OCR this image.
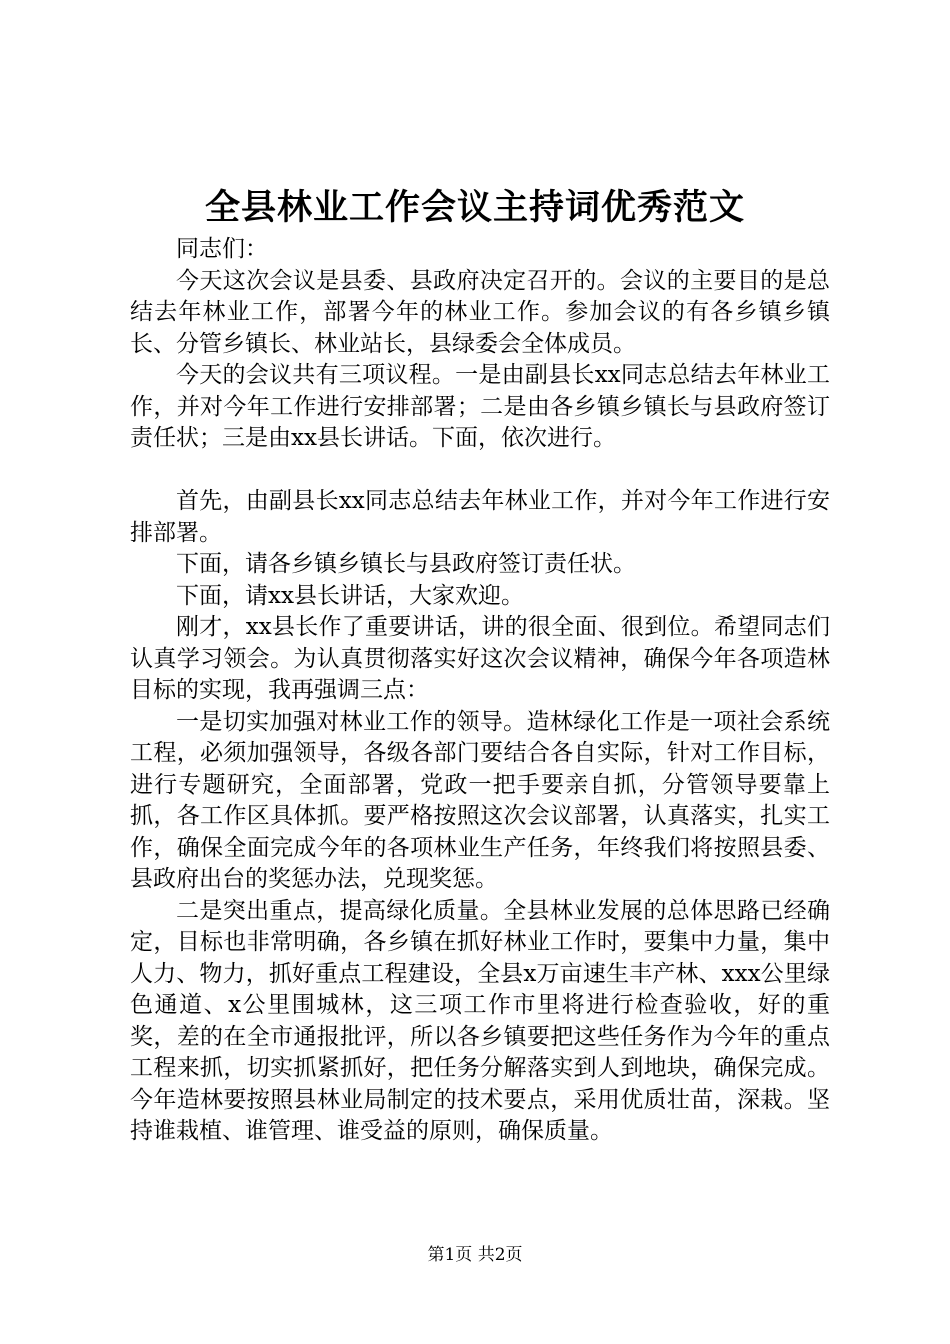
全县林业工作会议主持词优秀范文

同志们：

今天这次会议是县委、县政府决定召开的。会议的主要目的是总结去年林业工作，部署今年的林业工作。参加会议的有各乡镇乡镇长、分管乡镇长、林业站长，县绿委会全体成员。

今天的会议共有三项议程。一是由副县长xx同志总结去年林业工作，并对今年工作进行安排部署；二是由各乡镇乡镇长与县政府签订责任状；三是由xx县长讲话。下面，依次进行。

首先，由副县长xx同志总结去年林业工作，并对今年工作进行安排部署。

下面，请各乡镇乡镇长与县政府签订责任状。

下面，请xx县长讲话，大家欢迎。

刚才，xx县长作了重要讲话，讲的很全面、很到位。希望同志们认真学习领会。为认真贯彻落实好这次会议精神，确保今年各项造林目标的实现，我再强调三点：

一是切实加强对林业工作的领导。造林绿化工作是一项社会系统工程，必须加强领导，各级各部门要结合各自实际，针对工作目标，进行专题研究，全面部署，党政一把手要亲自抓，分管领导要靠上抓，各工作区具体抓。要严格按照这次会议部署，认真落实，扎实工作，确保全面完成今年的各项林业生产任务，年终我们将按照县委、县政府出台的奖惩办法，兑现奖惩。

二是突出重点，提高绿化质量。全县林业发展的总体思路已经确定，目标也非常明确，各乡镇在抓好林业工作时，要集中力量，集中人力、物力，抓好重点工程建设，全县x万亩速生丰产林、xxx公里绿色通道、x公里围城林，这三项工作市里将进行检查验收，好的重奖，差的在全市通报批评，所以各乡镇要把这些任务作为今年的重点工程来抓，切实抓紧抓好，把任务分解落实到人到地块，确保完成。今年造林要按照县林业局制定的技术要点，采用优质壮苗，深栽。坚持谁栽植、谁管理、谁受益的原则，确保质量。

第1页 共2页
